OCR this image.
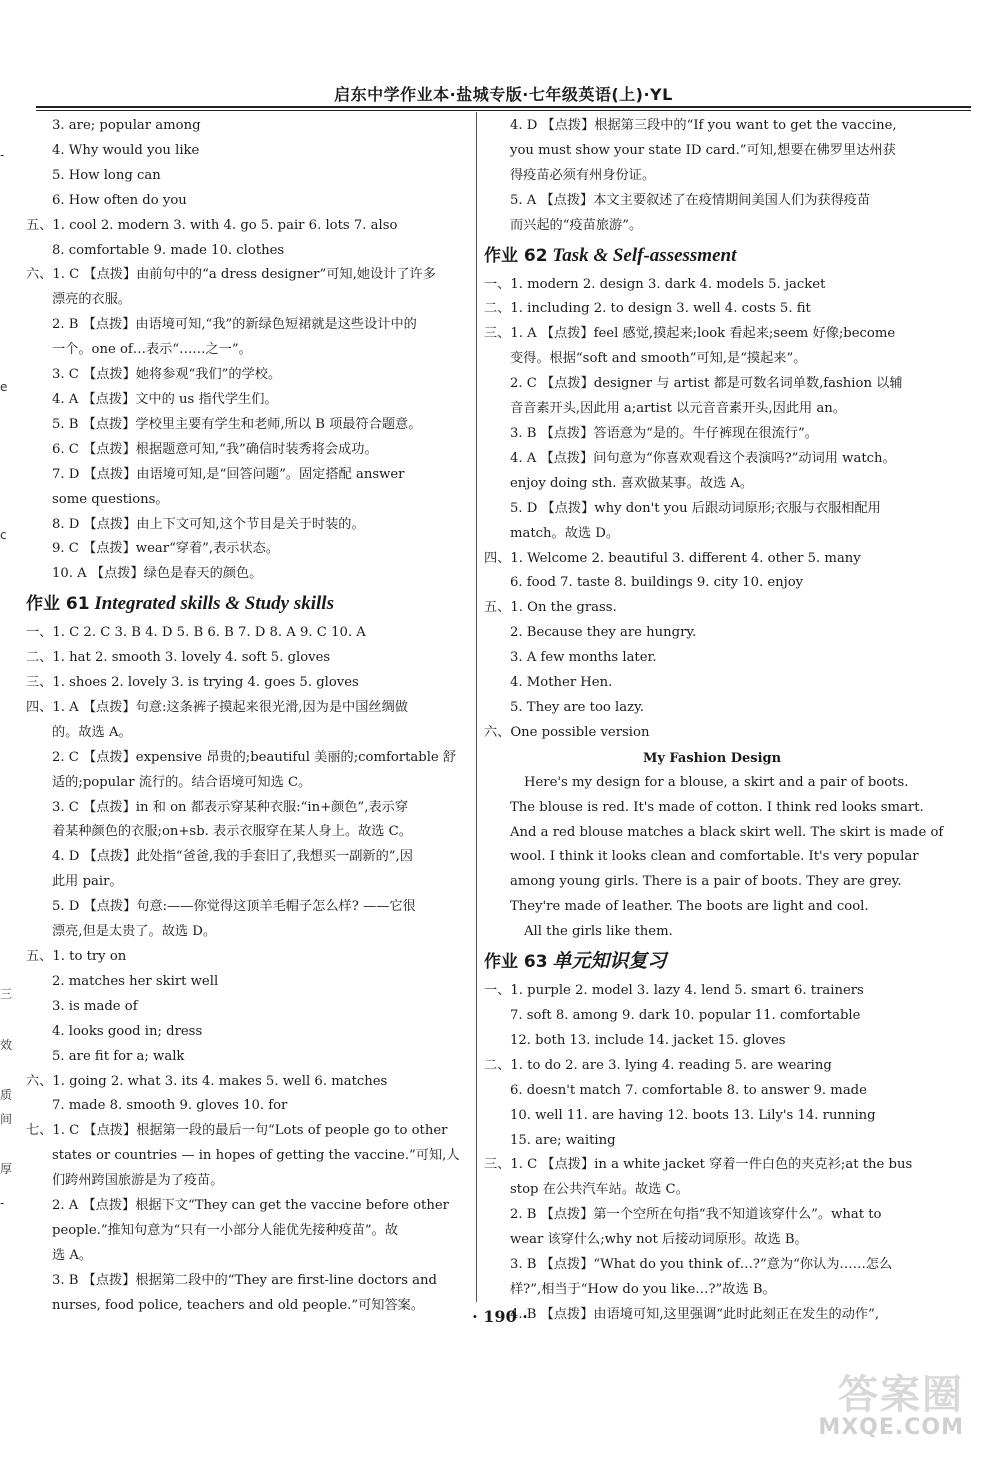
启东中学作业本·盐城专版·七年级英语(上)·YL
3. are; popular among
4. Why would you like
5. How long can
6. How often do you
五、1. cool 2. modern 3. with 4. go 5. pair 6. lots 7. also
8. comfortable 9. made 10. clothes
六、1. C 【点拨】由前句中的“a dress designer”可知,她设计了许多
漂亮的衣服。
2. B 【点拨】由语境可知,“我”的新绿色短裙就是这些设计中的
一个。one of…表示“……之一”。
3. C 【点拨】她将参观“我们”的学校。
4. A 【点拨】文中的 us 指代学生们。
5. B 【点拨】学校里主要有学生和老师,所以 B 项最符合题意。
6. C 【点拨】根据题意可知,“我”确信时装秀将会成功。
7. D 【点拨】由语境可知,是“回答问题”。固定搭配 answer
some questions。
8. D 【点拨】由上下文可知,这个节目是关于时装的。
9. C 【点拨】wear“穿着”,表示状态。
10. A 【点拨】绿色是春天的颜色。
作业 61 Integrated skills & Study skills
一、1. C 2. C 3. B 4. D 5. B 6. B 7. D 8. A 9. C 10. A
二、1. hat 2. smooth 3. lovely 4. soft 5. gloves
三、1. shoes 2. lovely 3. is trying 4. goes 5. gloves
四、1. A 【点拨】句意:这条裤子摸起来很光滑,因为是中国丝绸做
的。故选 A。
2. C 【点拨】expensive 昂贵的;beautiful 美丽的;comfortable 舒
适的;popular 流行的。结合语境可知选 C。
3. C 【点拨】in 和 on 都表示穿某种衣服:“in+颜色”,表示穿
着某种颜色的衣服;on+sb. 表示衣服穿在某人身上。故选 C。
4. D 【点拨】此处指“爸爸,我的手套旧了,我想买一副新的”,因
此用 pair。
5. D 【点拨】句意:——你觉得这顶羊毛帽子怎么样? ——它很
漂亮,但是太贵了。故选 D。
五、1. to try on
2. matches her skirt well
3. is made of
4. looks good in; dress
5. are fit for a; walk
六、1. going 2. what 3. its 4. makes 5. well 6. matches
7. made 8. smooth 9. gloves 10. for
七、1. C 【点拨】根据第一段的最后一句“Lots of people go to other
states or countries — in hopes of getting the vaccine.”可知,人
们跨州跨国旅游是为了疫苗。
2. A 【点拨】根据下文“They can get the vaccine before other
people.”推知句意为“只有一小部分人能优先接种疫苗”。故
选 A。
3. B 【点拨】根据第二段中的“They are first-line doctors and
nurses, food police, teachers and old people.”可知答案。
4. D 【点拨】根据第三段中的“If you want to get the vaccine,
you must show your state ID card.”可知,想要在佛罗里达州获
得疫苗必须有州身份证。
5. A 【点拨】本文主要叙述了在疫情期间美国人们为获得疫苗
而兴起的“疫苗旅游”。
作业 62 Task & Self-assessment
一、1. modern 2. design 3. dark 4. models 5. jacket
二、1. including 2. to design 3. well 4. costs 5. fit
三、1. A 【点拨】feel 感觉,摸起来;look 看起来;seem 好像;become
变得。根据“soft and smooth”可知,是“摸起来”。
2. C 【点拨】designer 与 artist 都是可数名词单数,fashion 以辅
音音素开头,因此用 a;artist 以元音音素开头,因此用 an。
3. B 【点拨】答语意为“是的。牛仔裤现在很流行”。
4. A 【点拨】问句意为“你喜欢观看这个表演吗?”动词用 watch。
enjoy doing sth. 喜欢做某事。故选 A。
5. D 【点拨】why don't you 后跟动词原形;衣服与衣服相配用
match。故选 D。
四、1. Welcome 2. beautiful 3. different 4. other 5. many
6. food 7. taste 8. buildings 9. city 10. enjoy
五、1. On the grass.
2. Because they are hungry.
3. A few months later.
4. Mother Hen.
5. They are too lazy.
六、One possible version
My Fashion Design
Here's my design for a blouse, a skirt and a pair of boots.
The blouse is red. It's made of cotton. I think red looks smart.
And a red blouse matches a black skirt well. The skirt is made of
wool. I think it looks clean and comfortable. It's very popular
among young girls. There is a pair of boots. They are grey.
They're made of leather. The boots are light and cool.
All the girls like them.
作业 63 单元知识复习
一、1. purple 2. model 3. lazy 4. lend 5. smart 6. trainers
7. soft 8. among 9. dark 10. popular 11. comfortable
12. both 13. include 14. jacket 15. gloves
二、1. to do 2. are 3. lying 4. reading 5. are wearing
6. doesn't match 7. comfortable 8. to answer 9. made
10. well 11. are having 12. boots 13. Lily's 14. running
15. are; waiting
三、1. C 【点拨】in a white jacket 穿着一件白色的夹克衫;at the bus
stop 在公共汽车站。故选 C。
2. B 【点拨】第一个空所在句指“我不知道该穿什么”。what to
wear 该穿什么;why not 后接动词原形。故选 B。
3. B 【点拨】“What do you think of…?”意为“你认为……怎么
样?”,相当于“How do you like…?”故选 B。
4. B 【点拨】由语境可知,这里强调“此时此刻正在发生的动作”,
-
e
ᴄ
三
效
质
间
厚
-
· 190 ·
答案圈
MXQE.COM
